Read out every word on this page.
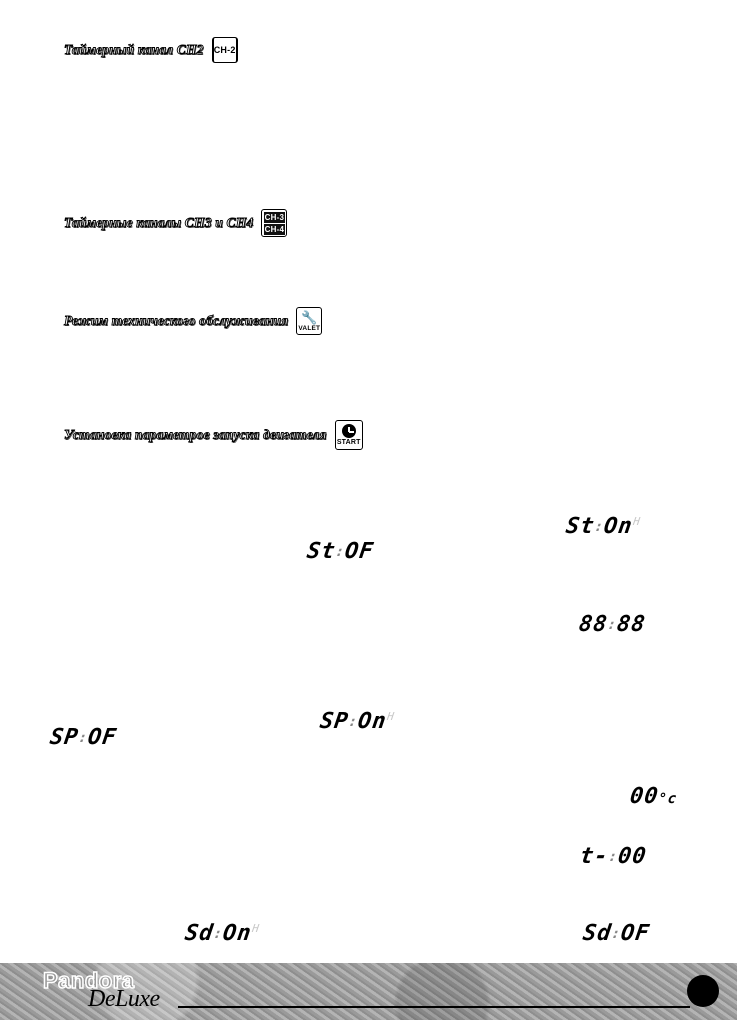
Таймерный канал CH2 CH-2
Таймерные каналы CH3 и CH4 CH-3
CH-4
Режим технического обслуживания 🔧
VALET
Установка параметров запуска двигателя
START
$St:On^H$
St:OF
88:88
$SP:On^H$
SP:OF
00°c
t-:00
$Sd:On^H$	Sd:OF
Pandora
DeLuxe
